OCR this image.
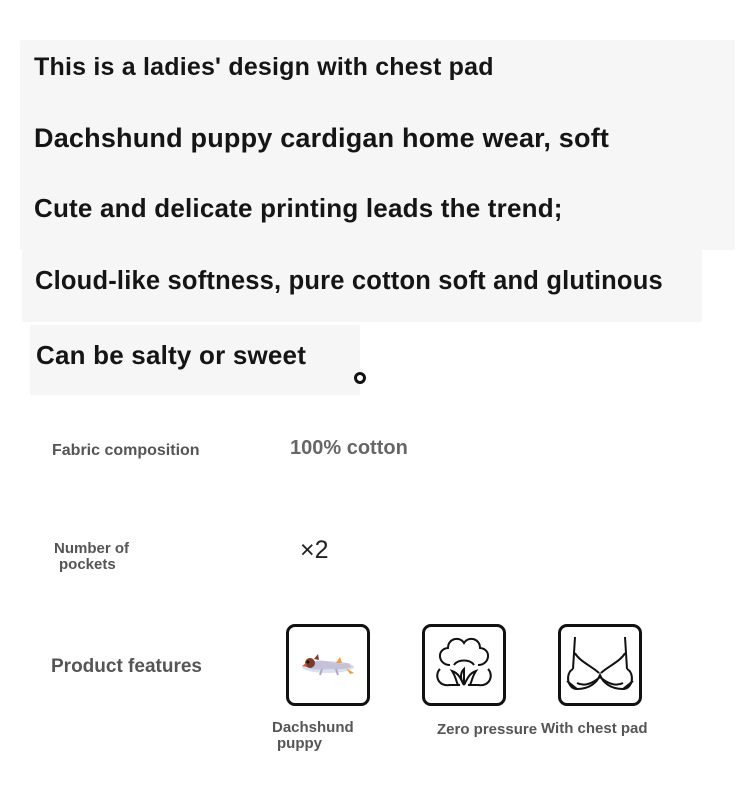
This is a ladies' design with chest pad
Dachshund puppy cardigan home wear, soft
Cute and delicate printing leads the trend;
Cloud-like softness, pure cotton soft and glutinous
Can be salty or sweet
Fabric composition	100% cotton
Number of
pockets
×2
Product features
Dachshund
puppy
Zero pressure With chest pad
